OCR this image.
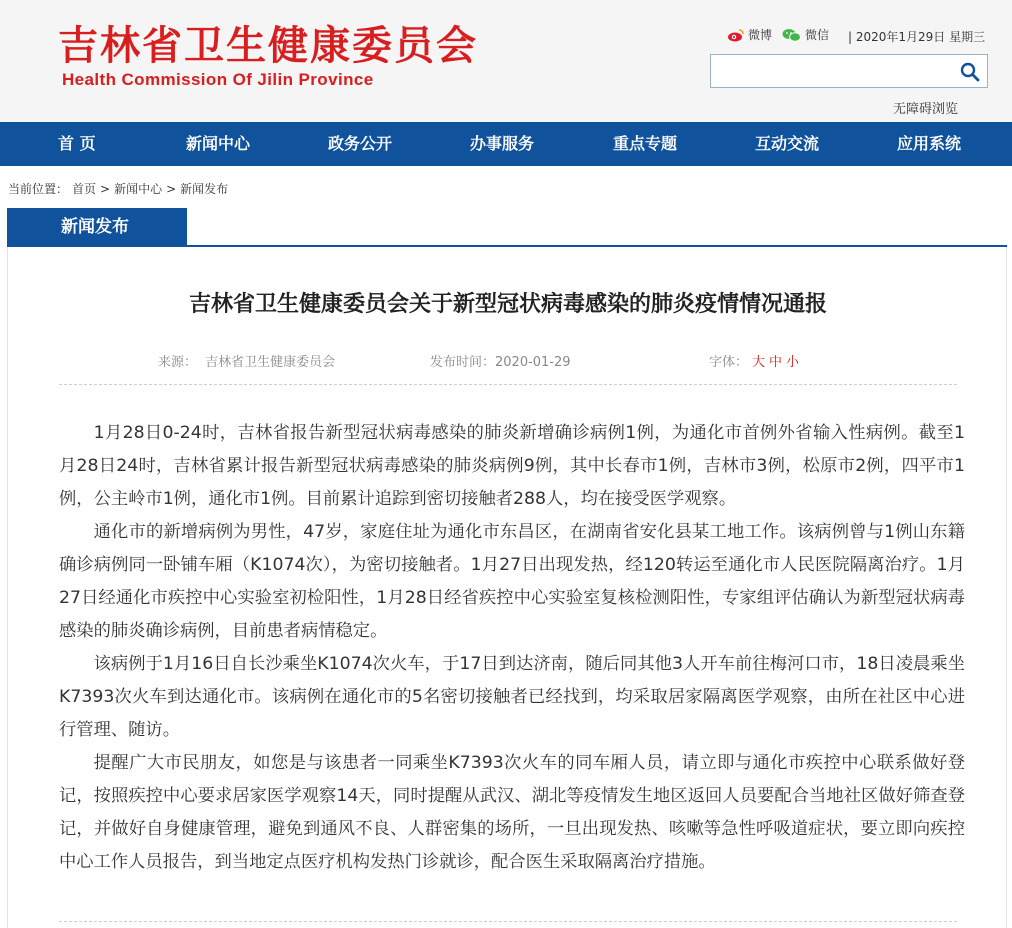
吉林省卫生健康委员会
Health Commission Of Jilin Province
微博	微信 | 2020年1月29日 星期三
无障碍浏览
首 页	新闻中心	政务公开	办事服务	重点专题	互动交流	应用系统
当前位置： 首页 > 新闻中心 > 新闻发布
新闻发布
吉林省卫生健康委员会关于新型冠状病毒感染的肺炎疫情情况通报
来源： 吉林省卫生健康委员会	发布时间：2020-01-29	字体： 大 中 小

1月28日0-24时，吉林省报告新型冠状病毒感染的肺炎新增确诊病例1例，为通化市首例外省输入性病例。截至1月28日24时，吉林省累计报告新型冠状病毒感染的肺炎病例9例，其中长春市1例，吉林市3例，松原市2例，四平市1例，公主岭市1例，通化市1例。目前累计追踪到密切接触者288人，均在接受医学观察。

通化市的新增病例为男性，47岁，家庭住址为通化市东昌区，在湖南省安化县某工地工作。该病例曾与1例山东籍确诊病例同一卧铺车厢（K1074次），为密切接触者。1月27日出现发热，经120转运至通化市人民医院隔离治疗。1月27日经通化市疾控中心实验室初检阳性，1月28日经省疾控中心实验室复核检测阳性，专家组评估确认为新型冠状病毒感染的肺炎确诊病例，目前患者病情稳定。

该病例于1月16日自长沙乘坐K1074次火车，于17日到达济南，随后同其他3人开车前往梅河口市，18日凌晨乘坐K7393次火车到达通化市。该病例在通化市的5名密切接触者已经找到，均采取居家隔离医学观察，由所在社区中心进行管理、随访。

提醒广大市民朋友，如您是与该患者一同乘坐K7393次火车的同车厢人员，请立即与通化市疾控中心联系做好登记，按照疾控中心要求居家医学观察14天，同时提醒从武汉、湖北等疫情发生地区返回人员要配合当地社区做好筛查登记，并做好自身健康管理，避免到通风不良、人群密集的场所，一旦出现发热、咳嗽等急性呼吸道症状，要立即向疾控中心工作人员报告，到当地定点医疗机构发热门诊就诊，配合医生采取隔离治疗措施。
